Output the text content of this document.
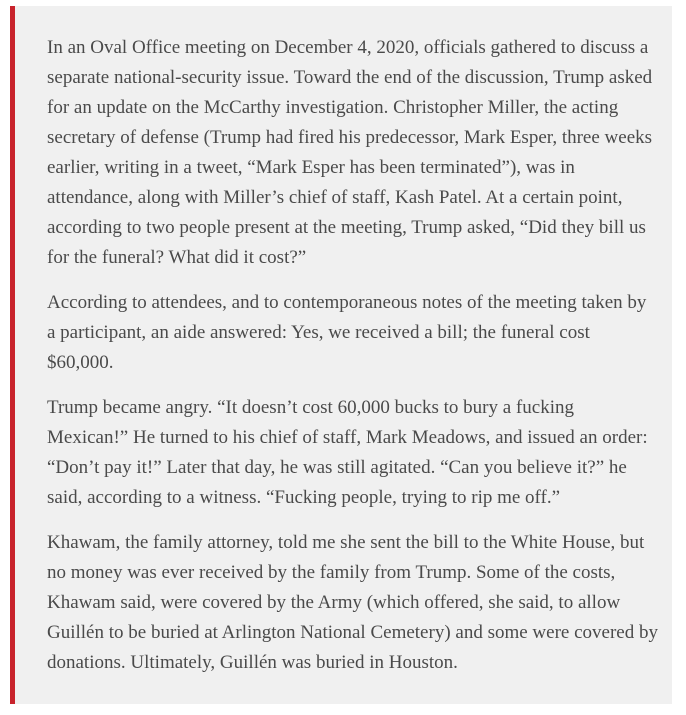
In an Oval Office meeting on December 4, 2020, officials gathered to discuss a separate national-security issue. Toward the end of the discussion, Trump asked for an update on the McCarthy investigation. Christopher Miller, the acting secretary of defense (Trump had fired his predecessor, Mark Esper, three weeks earlier, writing in a tweet, “Mark Esper has been terminated”), was in attendance, along with Miller’s chief of staff, Kash Patel. At a certain point, according to two people present at the meeting, Trump asked, “Did they bill us for the funeral? What did it cost?”

According to attendees, and to contemporaneous notes of the meeting taken by a participant, an aide answered: Yes, we received a bill; the funeral cost $60,000.

Trump became angry. “It doesn’t cost 60,000 bucks to bury a fucking Mexican!” He turned to his chief of staff, Mark Meadows, and issued an order: “Don’t pay it!” Later that day, he was still agitated. “Can you believe it?” he said, according to a witness. “Fucking people, trying to rip me off.”

Khawam, the family attorney, told me she sent the bill to the White House, but no money was ever received by the family from Trump. Some of the costs, Khawam said, were covered by the Army (which offered, she said, to allow Guillén to be buried at Arlington National Cemetery) and some were covered by donations. Ultimately, Guillén was buried in Houston.
